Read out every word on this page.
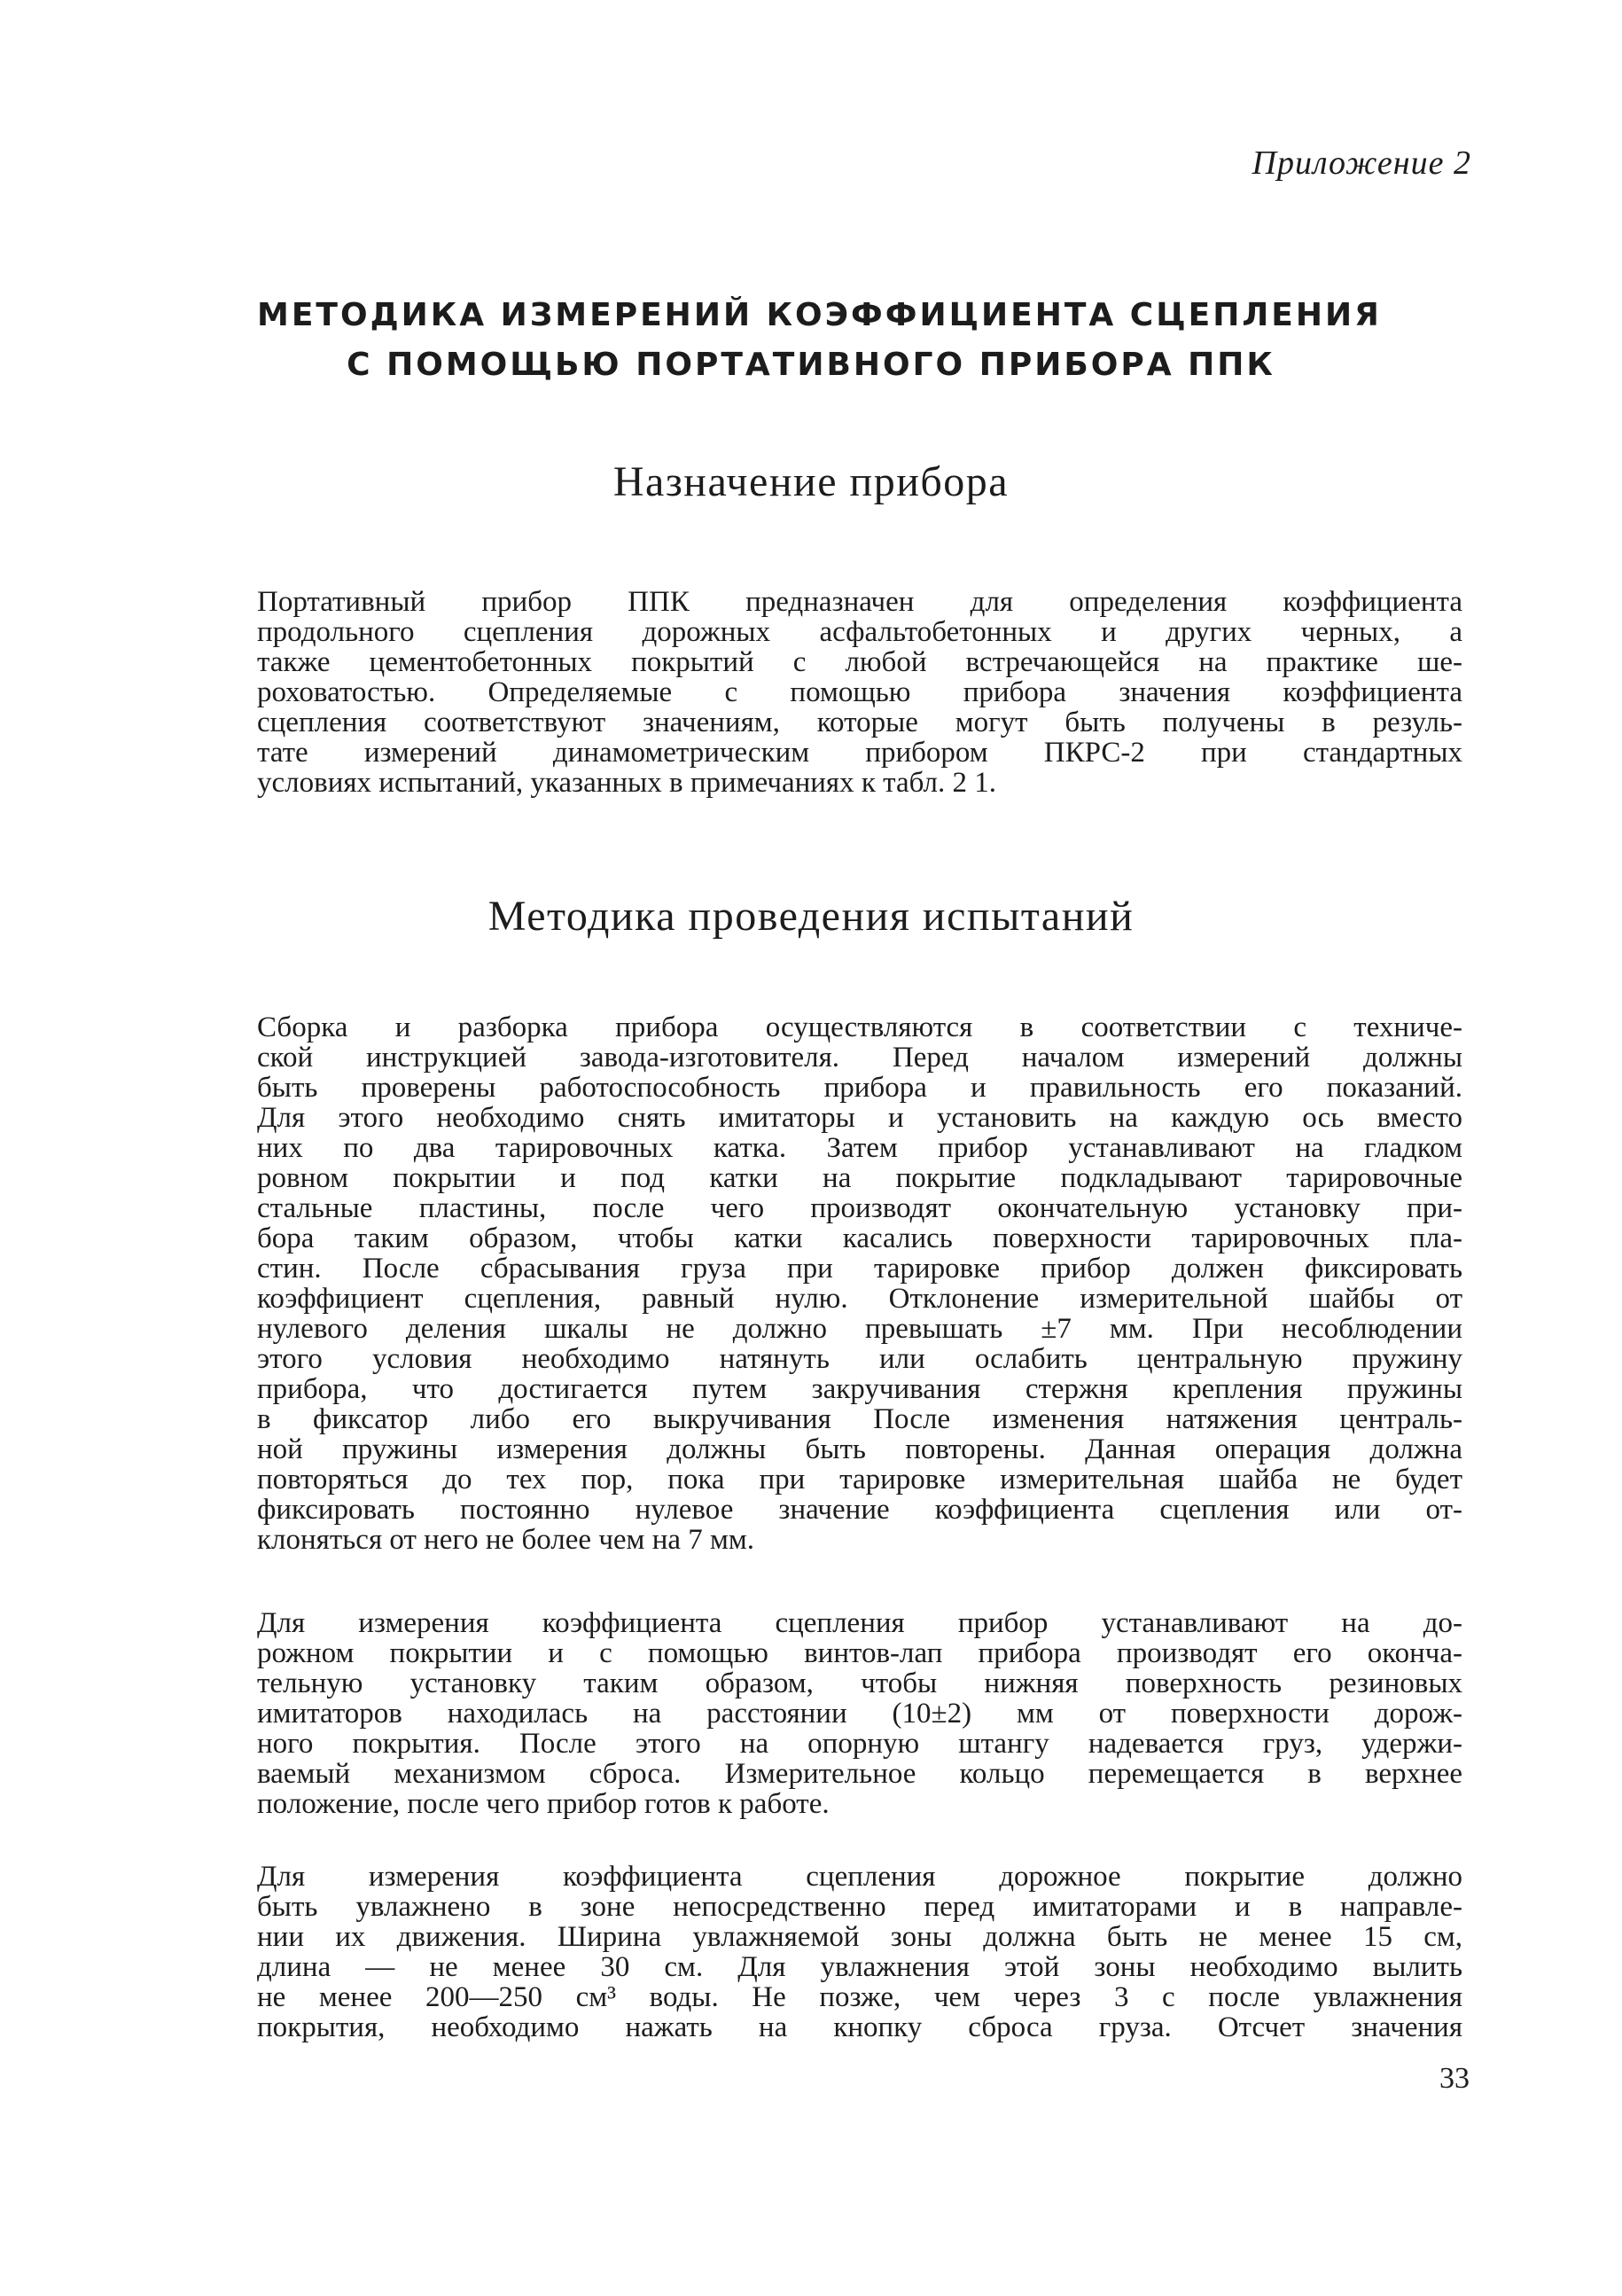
Приложение 2
МЕТОДИКА ИЗМЕРЕНИЙ КОЭФФИЦИЕНТА СЦЕПЛЕНИЯ
С ПОМОЩЬЮ ПОРТАТИВНОГО ПРИБОРА ППК
Назначение прибора
Портативный прибор ППК предназначен для определения коэффициента
продольного сцепления дорожных асфальтобетонных и других черных, а
также цементобетонных покрытий с любой встречающейся на практике ше-
роховатостью. Определяемые с помощью прибора значения коэффициента
сцепления соответствуют значениям, которые могут быть получены в резуль-
тате измерений динамометрическим прибором ПКРС-2 при стандартных
условиях испытаний, указанных в примечаниях к табл. 2 1.
Методика проведения испытаний
Сборка и разборка прибора осуществляются в соответствии с техниче-
ской инструкцией завода-изготовителя. Перед началом измерений должны
быть проверены работоспособность прибора и правильность его показаний.
Для этого необходимо снять имитаторы и установить на каждую ось вместо
них по два тарировочных катка. Затем прибор устанавливают на гладком
ровном покрытии и под катки на покрытие подкладывают тарировочные
стальные пластины, после чего производят окончательную установку при-
бора таким образом, чтобы катки касались поверхности тарировочных пла-
стин. После сбрасывания груза при тарировке прибор должен фиксировать
коэффициент сцепления, равный нулю. Отклонение измерительной шайбы от
нулевого деления шкалы не должно превышать ±7 мм. При несоблюдении
этого условия необходимо натянуть или ослабить центральную пружину
прибора, что достигается путем закручивания стержня крепления пружины
в фиксатор либо его выкручивания После изменения натяжения централь-
ной пружины измерения должны быть повторены. Данная операция должна
повторяться до тех пор, пока при тарировке измерительная шайба не будет
фиксировать постоянно нулевое значение коэффициента сцепления или от-
клоняться от него не более чем на 7 мм.
Для измерения коэффициента сцепления прибор устанавливают на до-
рожном покрытии и с помощью винтов-лап прибора производят его оконча-
тельную установку таким образом, чтобы нижняя поверхность резиновых
имитаторов находилась на расстоянии (10±2) мм от поверхности дорож-
ного покрытия. После этого на опорную штангу надевается груз, удержи-
ваемый механизмом сброса. Измерительное кольцо перемещается в верхнее
положение, после чего прибор готов к работе.
Для измерения коэффициента сцепления дорожное покрытие должно
быть увлажнено в зоне непосредственно перед имитаторами и в направле-
нии их движения. Ширина увлажняемой зоны должна быть не менее 15 см,
длина — не менее 30 см. Для увлажнения этой зоны необходимо вылить
не менее 200—250 см³ воды. Не позже, чем через 3 с после увлажнения
покрытия, необходимо нажать на кнопку сброса груза. Отсчет значения
33
